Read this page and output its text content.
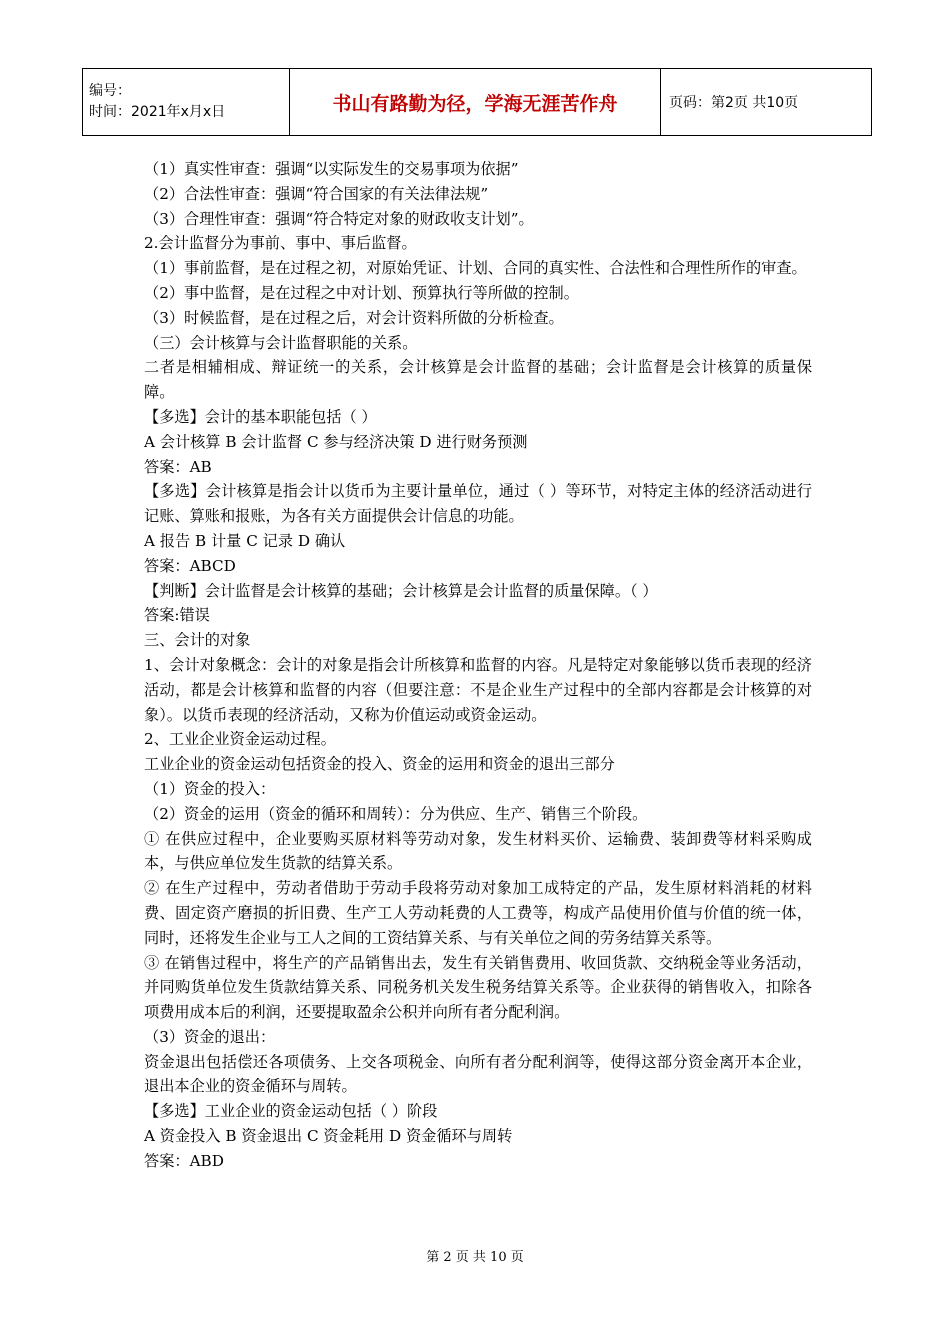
编号：
时间：2021年x月x日	书山有路勤为径，学海无涯苦作舟	页码：第2页 共10页

（1）真实性审查：强调“以实际发生的交易事项为依据”

（2）合法性审查：强调“符合国家的有关法律法规”

（3）合理性审查：强调“符合特定对象的财政收支计划”。

2.会计监督分为事前、事中、事后监督。

（1）事前监督，是在过程之初，对原始凭证、计划、合同的真实性、合法性和合理性所作的审查。

（2）事中监督，是在过程之中对计划、预算执行等所做的控制。

（3）时候监督，是在过程之后，对会计资料所做的分析检查。

（三）会计核算与会计监督职能的关系。

二者是相辅相成、辩证统一的关系，会计核算是会计监督的基础；会计监督是会计核算的质量保障。

【多选】会计的基本职能包括（ ）

A 会计核算 B 会计监督 C 参与经济决策 D 进行财务预测

答案：AB

【多选】会计核算是指会计以货币为主要计量单位，通过（ ）等环节，对特定主体的经济活动进行记账、算账和报账，为各有关方面提供会计信息的功能。

A 报告 B 计量 C 记录 D 确认

答案：ABCD

【判断】会计监督是会计核算的基础；会计核算是会计监督的质量保障。（ ）

答案:错误

三、会计的对象

1、会计对象概念：会计的对象是指会计所核算和监督的内容。凡是特定对象能够以货币表现的经济活动，都是会计核算和监督的内容（但要注意：不是企业生产过程中的全部内容都是会计核算的对象）。以货币表现的经济活动，又称为价值运动或资金运动。

2、工业企业资金运动过程。

工业企业的资金运动包括资金的投入、资金的运用和资金的退出三部分

（1）资金的投入：

（2）资金的运用（资金的循环和周转）：分为供应、生产、销售三个阶段。

① 在供应过程中，企业要购买原材料等劳动对象，发生材料买价、运输费、装卸费等材料采购成本，与供应单位发生货款的结算关系。

② 在生产过程中，劳动者借助于劳动手段将劳动对象加工成特定的产品，发生原材料消耗的材料费、固定资产磨损的折旧费、生产工人劳动耗费的人工费等，构成产品使用价值与价值的统一体，同时，还将发生企业与工人之间的工资结算关系、与有关单位之间的劳务结算关系等。

③ 在销售过程中，将生产的产品销售出去，发生有关销售费用、收回货款、交纳税金等业务活动，并同购货单位发生货款结算关系、同税务机关发生税务结算关系等。企业获得的销售收入，扣除各项费用成本后的利润，还要提取盈余公积并向所有者分配利润。

（3）资金的退出：

资金退出包括偿还各项债务、上交各项税金、向所有者分配利润等，使得这部分资金离开本企业，退出本企业的资金循环与周转。

【多选】工业企业的资金运动包括（ ）阶段

A 资金投入 B 资金退出 C 资金耗用 D 资金循环与周转

答案：ABD

第 2 页 共 10 页
